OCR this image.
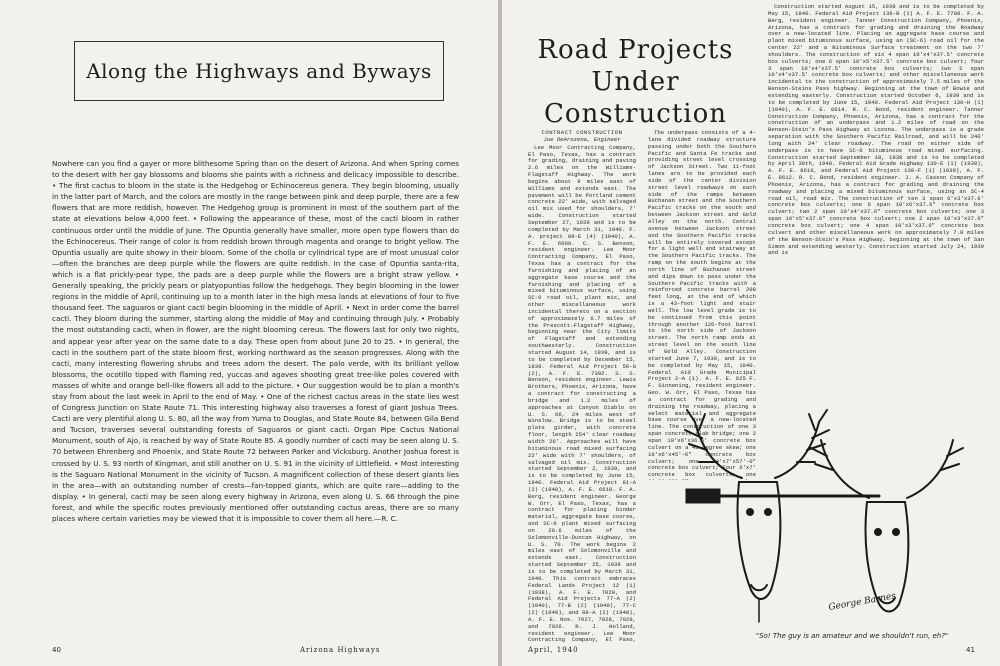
Along the Highways and Byways
Nowhere can you find a gayer or more blithesome Spring than on the desert of Arizona. And when Spring comes to the desert with her gay blossoms and blooms she paints with a richness and delicacy impossible to describe. • The first cactus to bloom in the state is the Hedgehog or Echinocereus genera. They begin blooming, usually in the latter part of March, and the colors are mostly in the range between pink and deep purple, there are a few flowers that are more reddish, however. The Hedgehog group is prominent in most of the southern part of the state at elevations below 4,000 feet. • Following the appearance of these, most of the cacti bloom in rather continuous order until the middle of June. The Opuntia generally have smaller, more open type flowers than do the Echinocereus. Their range of color is from reddish brown through magenta and orange to bright yellow. The Opuntia usually are quite showy in their bloom. Some of the cholla or cylindrical type are of most unusual color—often the branches are deep purple while the flowers are quite reddish. In the case of Opuntia santa-rita, which is a flat prickly-pear type, the pads are a deep purple while the flowers are a bright straw yellow. • Generally speaking, the prickly pears or platyopuntias follow the hedgehogs. They begin blooming in the lower regions in the middle of April, continuing up to a month later in the high mesa lands at elevations of four to five thousand feet. The saguaros or giant cacti begin blooming in the middle of April. • Next in order come the barrel cacti. They bloom during the summer, starting along the middle of May and continuing through July. • Probably the most outstanding cacti, when in flower, are the night blooming cereus. The flowers last for only two nights, and appear year after year on the same date to a day. These open from about June 20 to 25. • In general, the cacti in the southern part of the state bloom first, working northward as the season progresses. Along with the cacti, many interesting flowering shrubs and trees adorn the desert. The palo verde, with its brilliant yellow blossoms, the ocotillo tipped with flaming red, yuccas and agaves shooting great tree-like poles covered with masses of white and orange bell-like flowers all add to the picture. • Our suggestion would be to plan a month's stay from about the last week in April to the end of May. • One of the richest cactus areas in the state lies west of Congress Junction on State Route 71. This interesting highway also traverses a forest of giant Joshua Trees. Cacti are very plentiful along U. S. 80, all the way from Yuma to Douglas, and State Route 84, between Gila Bend and Tucson, traverses several outstanding forests of Saguaros or giant cacti. Organ Pipe Cactus National Monument, south of Ajo, is reached by way of State Route 85. A goodly number of cacti may be seen along U. S. 70 between Ehrenberg and Phoenix, and State Route 72 between Parker and Vicksburg. Another Joshua forest is crossed by U. S. 93 north of Kingman, and still another on U. S. 91 in the vicinity of Littlefield. • Most interesting is the Saguaro National Monument in the vicinity of Tucson. A magnificent collection of these desert giants lies in the area—with an outstanding number of crests—fan-topped giants, which are quite rare—adding to the display. • In general, cacti may be seen along every highway in Arizona, even along U. S. 66 through the pine forest, and while the specific routes previously mentioned offer outstanding cactus areas, there are so many places where certain varieties may be viewed that it is impossible to cover them all here.—R. C.
40	Arizona Highways
Road Projects Under
Construction
CONTRACT CONSTRUCTION
Joe DeArozena, Engineer

Lee Moor Contracting Company, El Paso, Texas, has a contract for grading, draining and paving 2.6 miles on the Williams-Flagstaff Highway. The work begins about 9 miles east of Williams and extends east. The pavement will be Portland cement concrete 22' wide, with salvaged oil mix used for shoulders, 7' wide. Construction started September 27, 1939 and is to be completed by March 31, 1940. F. A. project 89-E (4) (1940), A. F. E. 6609. C. S. Benson, resident engineer. Lee Moor Contracting Company, El Paso, Texas has a contract for the furnishing and placing of an aggregate base course and the furnishing and placing of a mixed bituminous surface, using SC-6 road oil, plant mix, and other miscellaneous work incidental thereto on a section of approximately 6.7 miles of the Prescott-Flagstaff Highway, beginning near the City limits of Flagstaff and extending southwesterly. Construction started August 14, 1939, and is to be completed by December 15, 1939. Federal Aid Project 56-G (2), A. F. E. 7302. S. S. Benson, resident engineer. Lewis Brothers, Phoenix, Arizona, have a contract for constructing a bridge and 1.2 miles of approaches at Canyon Diablo on U. S. 66, 24 miles west of Winslow. Bridge is to be steel plate girder, with concrete floor, length 254' clear roadway width 26'. Approaches will have bituminous road mixed surfacing 22' wide with 7' shoulders, of salvaged oil mix. Construction started September 2, 1939, and is to be completed by June 15, 1940. Federal Aid Project 81-A (2) (1940), A. F. E. 6610. F. A. Berg, resident engineer. George W. Orr, El Paso, Texas, has a contract for placing binder material, aggregate base course, and SC-6 plant mixed surfacing on 20.6 miles of the Solomonville-Duncan Highway, on U. S. 70. The work begins 2 miles east of Solomonville and extends east. Construction started September 25, 1939 and is to be completed by March 31, 1940. This contract embraces Federal Lands Project 12 (1) (1938), A. F. E. 7020, and Federal Aid Projects 77-A (2) (1940), 77-B (2) (1940), 77-C (2) (1940), and 88-A (2) (1940), A. F. E. Nos. 7027, 7028, 7029, and 7026. R. J. Holland, resident engineer. Lee Moor Contracting Company, El Paso,

The underpass consists of a 4-lane divided roadway structure passing under both the Southern Pacific and Santa Fe tracks and providing street level crossing of Jackson Street. Two 11-foot lanes are to be provided each side of the center division street level roadways on each side of the ramps between Buchanan street and the Southern Pacific tracks on the south and between Jackson street and Gold Alley on the north. Central avenue between Jackson street and the Southern Pacific tracks will be entirely covered except for a light well and stairway at the Southern Pacific tracks. The ramp on the south begins at the north line of Buchanan street and dips down to pass under the Southern Pacific tracks with a reinforced concrete barrel 208 feet long, at the end of which is a 43-foot light and stair well. The low level grade is to be continued from this point through another 126-foot barrel to the north side of Jackson street. The north ramp ends at street level on the south line of Gold Alley. Construction started June 7, 1939, and is to be completed by May 15, 1940. Federal Aid Grade Municipal Project 2-A (1). A. F. E. 625 F. F. Ginnening, resident engineer. Geo. W. Orr, El Paso, Texas has a contract for grading and draining the roadway, placing a select material and aggregate base course over a new-located line. The construction of one 3 span concrete slab bridge; one 2 span 10'x6'x36.6' concrete box culvert on a 45 degree skew; one 10'x6'x45'-6" concrete box culvert; one 10'x7'x57'-0" concrete box culvert; Four 6'x7' concrete box culverts; one

Construction started August 15, 1939 and is to be completed by May 15, 1940. Federal Aid Project 136-B (1) A. F. E. 7708. F. A. Berg, resident engineer. Tanner Construction Company, Phoenix, Arizona, has a contract for grading and draining the Roadway over a new-located line. Placing an aggregate base course and plant mixed bituminous surface, using an (SC-6) road oil for the center 22' and a Bituminous Surface treatment on the two 7' shoulders. The construction of six 4 span 10'x4'x37.5' concrete box culverts; one 6 span 10'x5'x37.5' concrete box culvert; four 3 span 10'x4'x37.5' concrete box culverts; two 2 span 10'x4'x37.5' concrete box culverts; and other miscellaneous work incidental to the construction of approximately 7.5 miles of the Benson-Steins Pass highway. Beginning at the town of Bowie and extending easterly. Construction started October 6, 1939 and is to be completed by June 15, 1940. Federal Aid Project 130-H (1) (1940), A. F. E. 8614. R. C. Bond, resident engineer. Tanner Construction Company, Phoenix, Arizona, has a contract for the construction of an underpass and 1.2 miles of road on the Benson-Stein's Pass Highway at Lozona. The underpass is a grade separation with the Southern Pacific Railroad, and will be 240' long with 24' clear roadway. The road on either side of underpass is to have SC-6 bituminous road mixed surfacing. Construction started September 18, 1939 and is to be completed by April 30th, 1940. Federal Aid Grade Highway 130-E (1) (1939), A. F. E. 8610, and Federal Aid Project 130-F (1) (1939), A. F. E. 8612. R. C. Bond, resident engineer. J. A. Casson Company of Phoenix, Arizona, has a contract for grading and draining the roadway and placing a mixed bituminous surface, using an SC-4 road oil, road mix. The construction of ten 3 span 6'x3'x37.6' concrete box culverts; one 6 span 10'x6'x37.6" concrete box culvert; two 2 span 10'x4'x37.6" concrete box culverts; one 3 span 10'x5'x37.6" concrete box culvert; one 2 span 10'x3'x37.6" concrete box culvert; one 4 span 10'x3'x37.6" concrete box culvert and other miscellaneous work on approximately 7.9 miles of the Benson-Stein's Pass Highway, beginning at the town of San Simon and extending westerly. Construction started July 24, 1939 and is

George Barnes
"So! The guy is an amateur and we shouldn't run, eh?"
April, 1940	41
